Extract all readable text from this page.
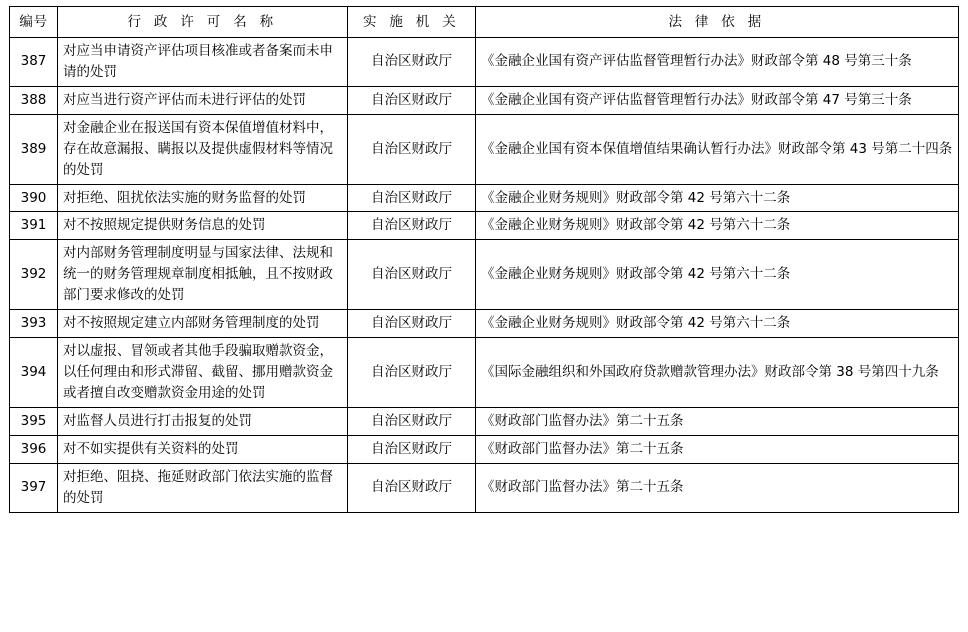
编号	行 政 许 可 名 称	实 施 机 关	法 律 依 据
387	对应当申请资产评估项目核准或者备案而未申请的处罚	自治区财政厅	《金融企业国有资产评估监督管理暂行办法》财政部令第 48 号第三十条
388	对应当进行资产评估而未进行评估的处罚	自治区财政厅	《金融企业国有资产评估监督管理暂行办法》财政部令第 47 号第三十条
389	对金融企业在报送国有资本保值增值材料中，存在故意漏报、瞒报以及提供虚假材料等情况的处罚	自治区财政厅	《金融企业国有资本保值增值结果确认暂行办法》财政部令第 43 号第二十四条
390	对拒绝、阻扰依法实施的财务监督的处罚	自治区财政厅	《金融企业财务规则》财政部令第 42 号第六十二条
391	对不按照规定提供财务信息的处罚	自治区财政厅	《金融企业财务规则》财政部令第 42 号第六十二条
392	对内部财务管理制度明显与国家法律、法规和统一的财务管理规章制度相抵触，且不按财政部门要求修改的处罚	自治区财政厅	《金融企业财务规则》财政部令第 42 号第六十二条
393	对不按照规定建立内部财务管理制度的处罚	自治区财政厅	《金融企业财务规则》财政部令第 42 号第六十二条
394	对以虚报、冒领或者其他手段骗取赠款资金，以任何理由和形式滞留、截留、挪用赠款资金或者擅自改变赠款资金用途的处罚	自治区财政厅	《国际金融组织和外国政府贷款赠款管理办法》财政部令第 38 号第四十九条
395	对监督人员进行打击报复的处罚	自治区财政厅	《财政部门监督办法》第二十五条
396	对不如实提供有关资料的处罚	自治区财政厅	《财政部门监督办法》第二十五条
397	对拒绝、阻挠、拖延财政部门依法实施的监督的处罚	自治区财政厅	《财政部门监督办法》第二十五条
